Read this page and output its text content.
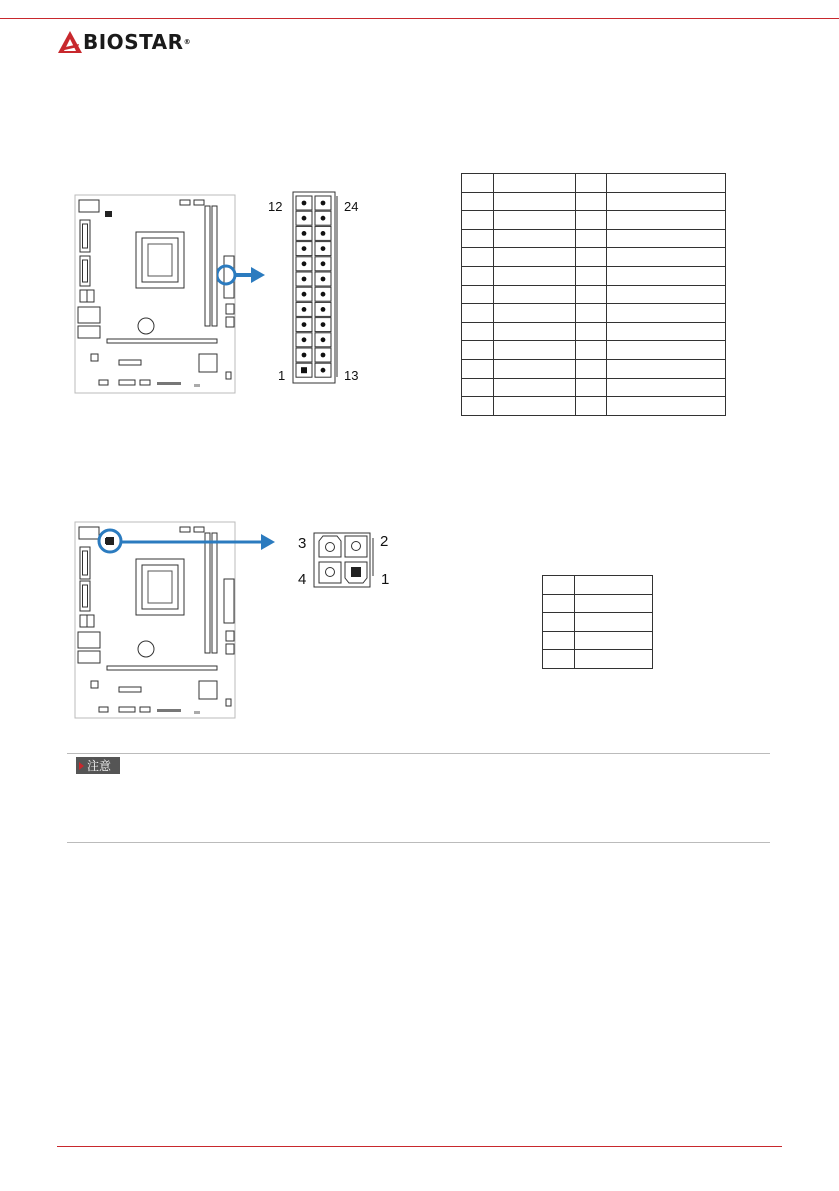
BIOSTAR ®
12	24
1	13

3	2
4	1

注意
